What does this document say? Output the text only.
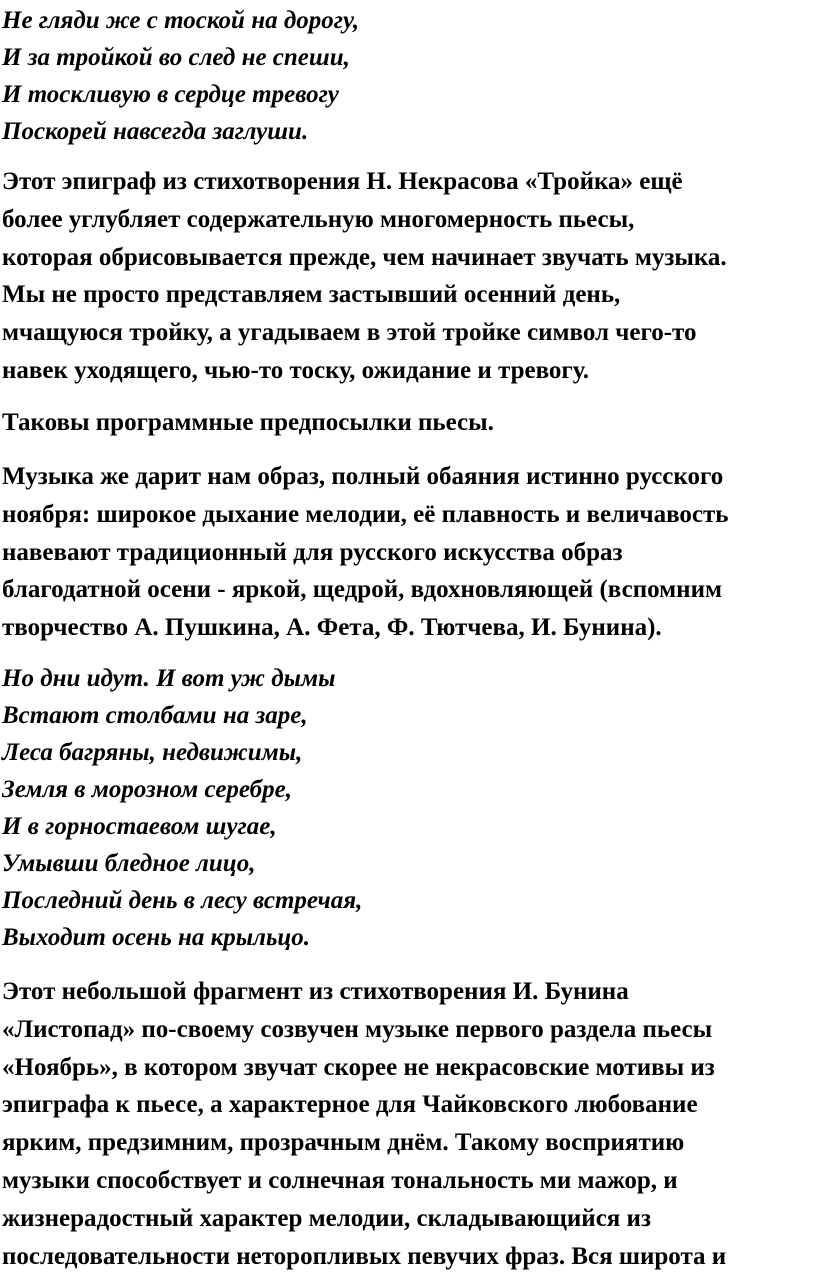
Не гляди же с тоской на дорогу,
И за тройкой во след не спеши,
И тоскливую в сердце тревогу
Поскорей навсегда заглуши.
Этот эпиграф из стихотворения Н. Некрасова «Тройка» ещё
более углубляет содержательную многомерность пьесы,
которая обрисовывается прежде, чем начинает звучать музыка.
Мы не просто представляем застывший осенний день,
мчащуюся тройку, а угадываем в этой тройке символ чего-то
навек уходящего, чью-то тоску, ожидание и тревогу.
Таковы программные предпосылки пьесы.
Музыка же дарит нам образ, полный обаяния истинно русского
ноября: широкое дыхание мелодии, её плавность и величавость
навевают традиционный для русского искусства образ
благодатной осени - яркой, щедрой, вдохновляющей (вспомним
творчество А. Пушкина, А. Фета, Ф. Тютчева, И. Бунина).
Но дни идут. И вот уж дымы
Встают столбами на заре,
Леса багряны, недвижимы,
Земля в морозном серебре,
И в горностаевом шугае,
Умывши бледное лицо,
Последний день в лесу встречая,
Выходит осень на крыльцо.
Этот небольшой фрагмент из стихотворения И. Бунина
«Листопад» по-своему созвучен музыке первого раздела пьесы
«Ноябрь», в котором звучат скорее не некрасовские мотивы из
эпиграфа к пьесе, а характерное для Чайковского любование
ярким, предзимним, прозрачным днём. Такому восприятию
музыки способствует и солнечная тональность ми мажор, и
жизнерадостный характер мелодии, складывающийся из
последовательности неторопливых певучих фраз. Вся широта и
